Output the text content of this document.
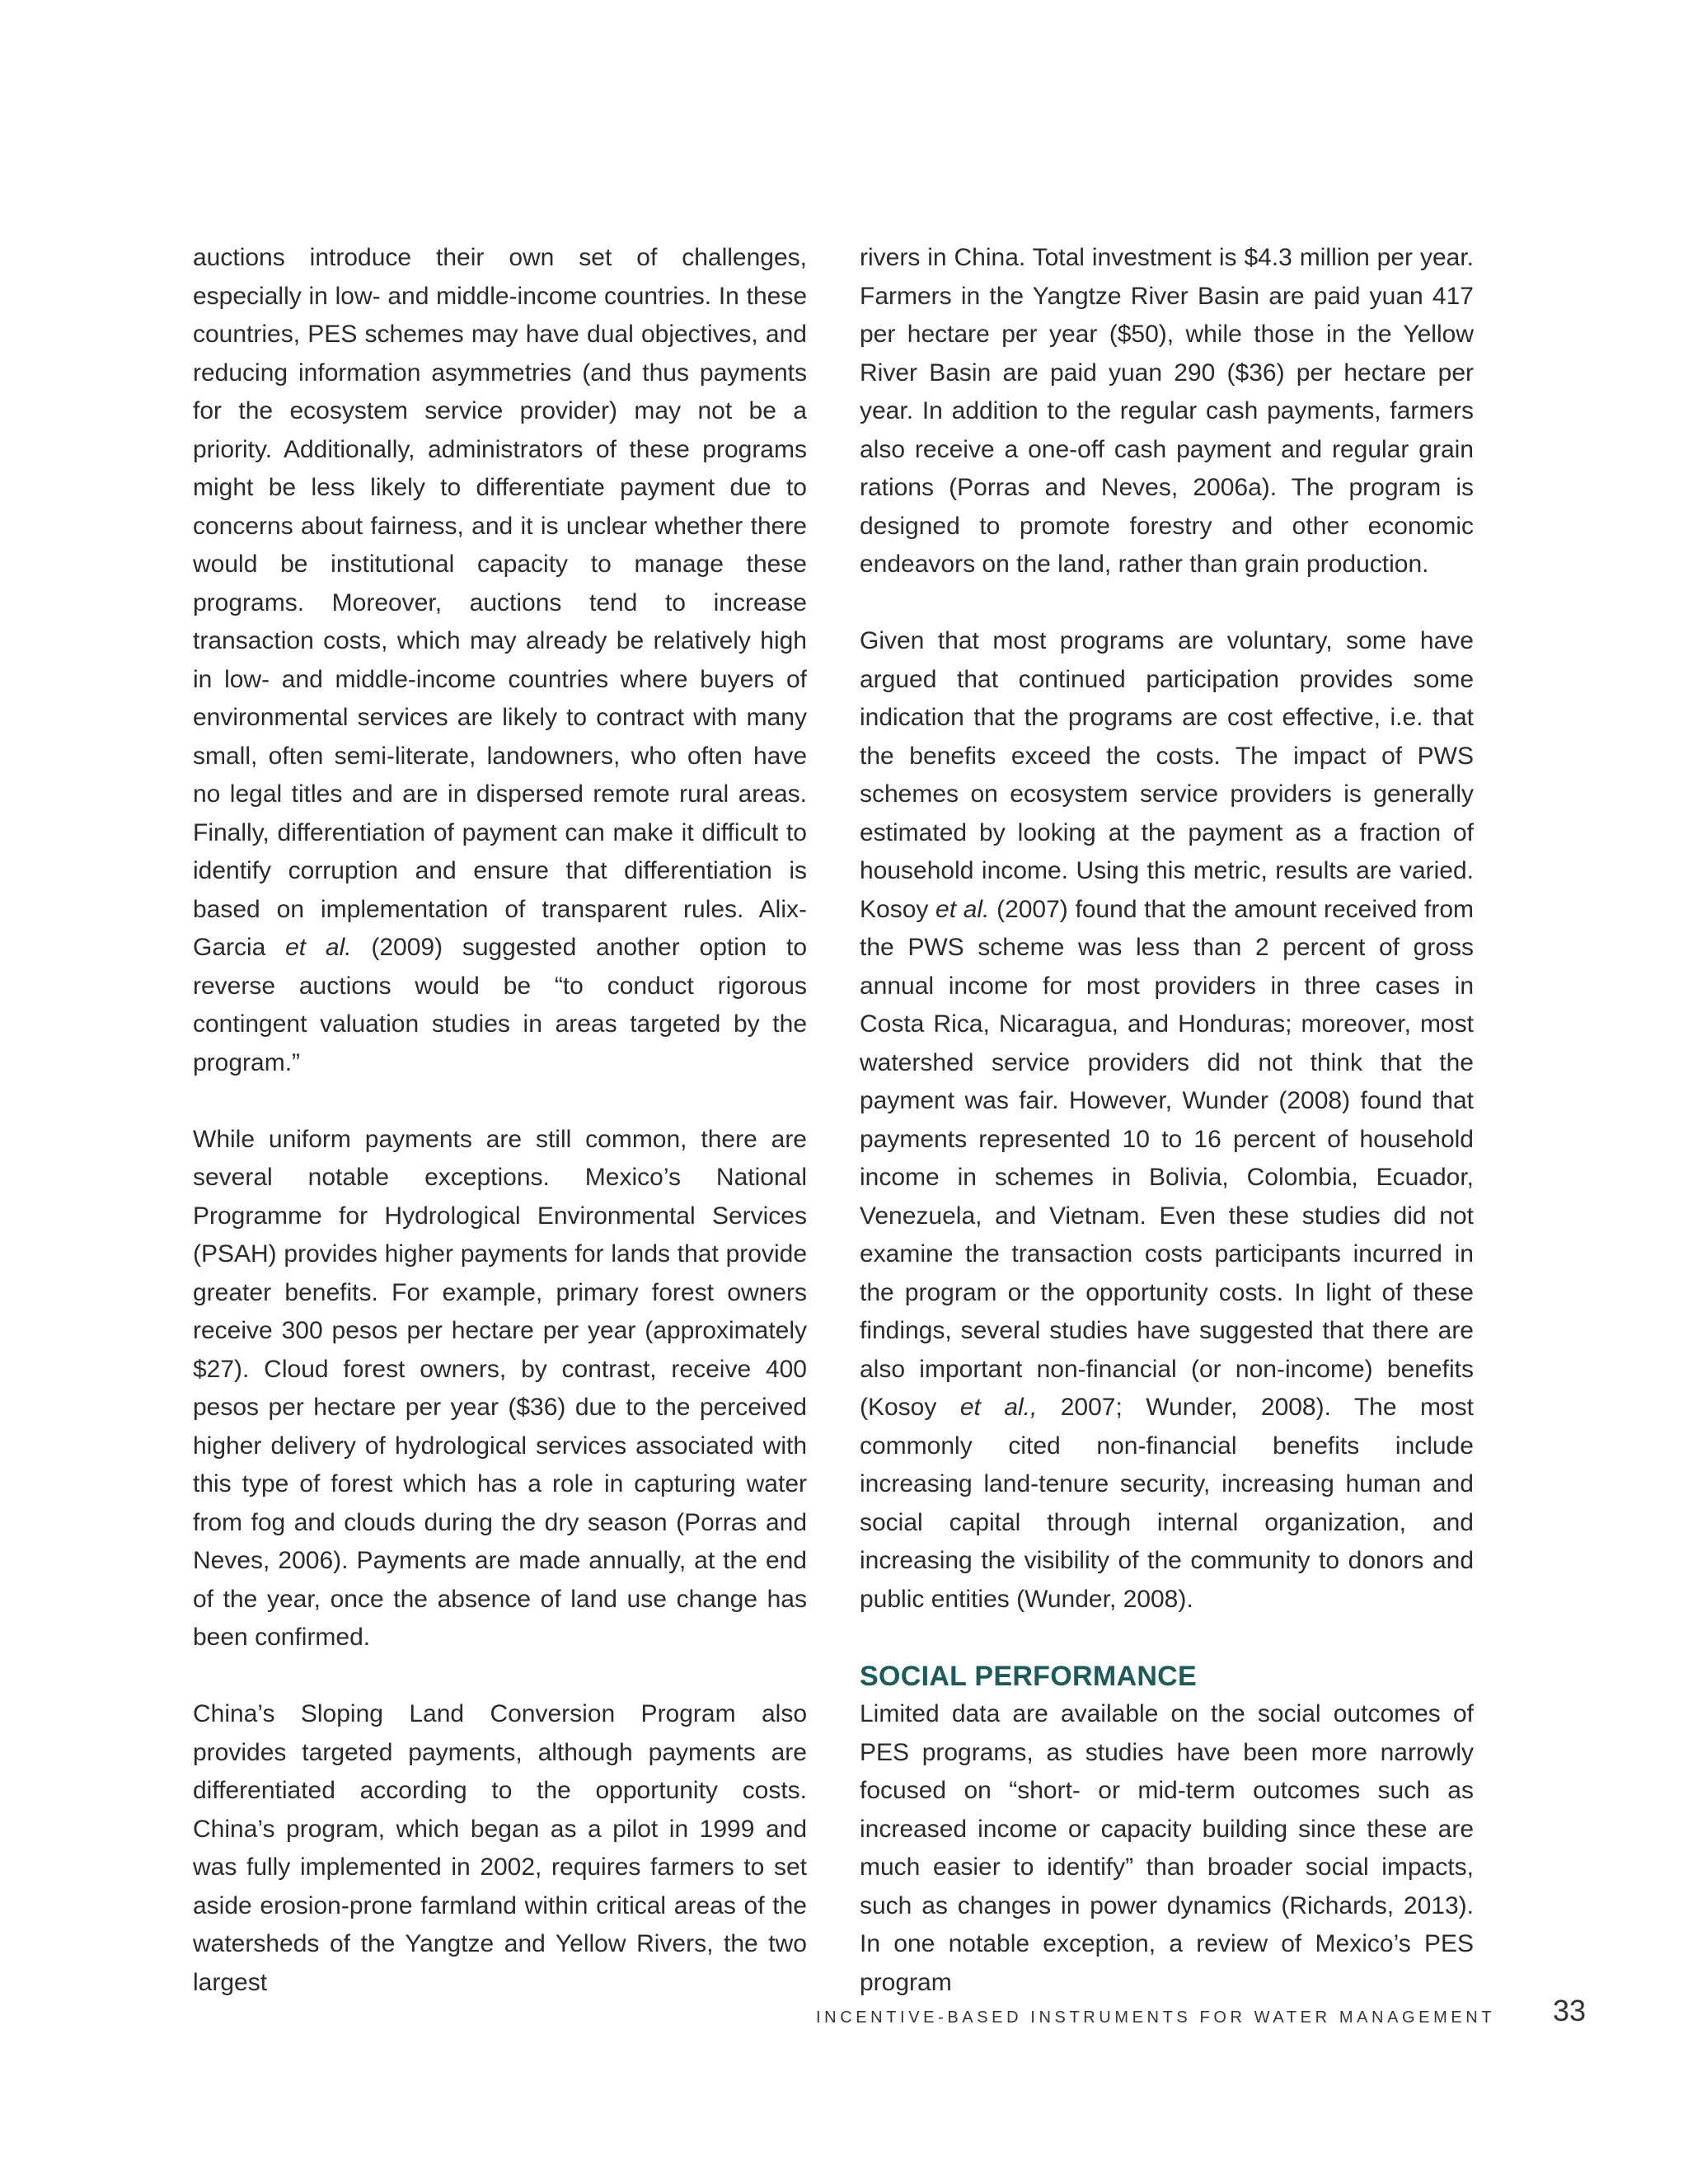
auctions introduce their own set of challenges, especially in low- and middle-income countries. In these countries, PES schemes may have dual objectives, and reducing information asymmetries (and thus payments for the ecosystem service provider) may not be a priority. Additionally, administrators of these programs might be less likely to differentiate payment due to concerns about fairness, and it is unclear whether there would be institutional capacity to manage these programs. Moreover, auctions tend to increase transaction costs, which may already be relatively high in low- and middle-income countries where buyers of environmental services are likely to contract with many small, often semi-literate, landowners, who often have no legal titles and are in dispersed remote rural areas. Finally, differentiation of payment can make it difficult to identify corruption and ensure that differentiation is based on implementation of transparent rules. Alix-Garcia et al. (2009) suggested another option to reverse auctions would be “to conduct rigorous contingent valuation studies in areas targeted by the program.”

While uniform payments are still common, there are several notable exceptions. Mexico’s National Programme for Hydrological Environmental Services (PSAH) provides higher payments for lands that provide greater benefits. For example, primary forest owners receive 300 pesos per hectare per year (approximately $27). Cloud forest owners, by contrast, receive 400 pesos per hectare per year ($36) due to the perceived higher delivery of hydrological services associated with this type of forest which has a role in capturing water from fog and clouds during the dry season (Porras and Neves, 2006). Payments are made annually, at the end of the year, once the absence of land use change has been confirmed.

China’s Sloping Land Conversion Program also provides targeted payments, although payments are differentiated according to the opportunity costs. China’s program, which began as a pilot in 1999 and was fully implemented in 2002, requires farmers to set aside erosion-prone farmland within critical areas of the watersheds of the Yangtze and Yellow Rivers, the two largest

rivers in China. Total investment is $4.3 million per year. Farmers in the Yangtze River Basin are paid yuan 417 per hectare per year ($50), while those in the Yellow River Basin are paid yuan 290 ($36) per hectare per year. In addition to the regular cash payments, farmers also receive a one-off cash payment and regular grain rations (Porras and Neves, 2006a). The program is designed to promote forestry and other economic endeavors on the land, rather than grain production.

Given that most programs are voluntary, some have argued that continued participation provides some indication that the programs are cost effective, i.e. that the benefits exceed the costs. The impact of PWS schemes on ecosystem service providers is generally estimated by looking at the payment as a fraction of household income. Using this metric, results are varied. Kosoy et al. (2007) found that the amount received from the PWS scheme was less than 2 percent of gross annual income for most providers in three cases in Costa Rica, Nicaragua, and Honduras; moreover, most watershed service providers did not think that the payment was fair. However, Wunder (2008) found that payments represented 10 to 16 percent of household income in schemes in Bolivia, Colombia, Ecuador, Venezuela, and Vietnam. Even these studies did not examine the transaction costs participants incurred in the program or the opportunity costs. In light of these findings, several studies have suggested that there are also important non-financial (or non-income) benefits (Kosoy et al., 2007; Wunder, 2008). The most commonly cited non-financial benefits include increasing land-tenure security, increasing human and social capital through internal organization, and increasing the visibility of the community to donors and public entities (Wunder, 2008).

SOCIAL PERFORMANCE

Limited data are available on the social outcomes of PES programs, as studies have been more narrowly focused on “short- or mid-term outcomes such as increased income or capacity building since these are much easier to identify” than broader social impacts, such as changes in power dynamics (Richards, 2013). In one notable exception, a review of Mexico’s PES program

INCENTIVE-BASED INSTRUMENTS FOR WATER MANAGEMENT 33
